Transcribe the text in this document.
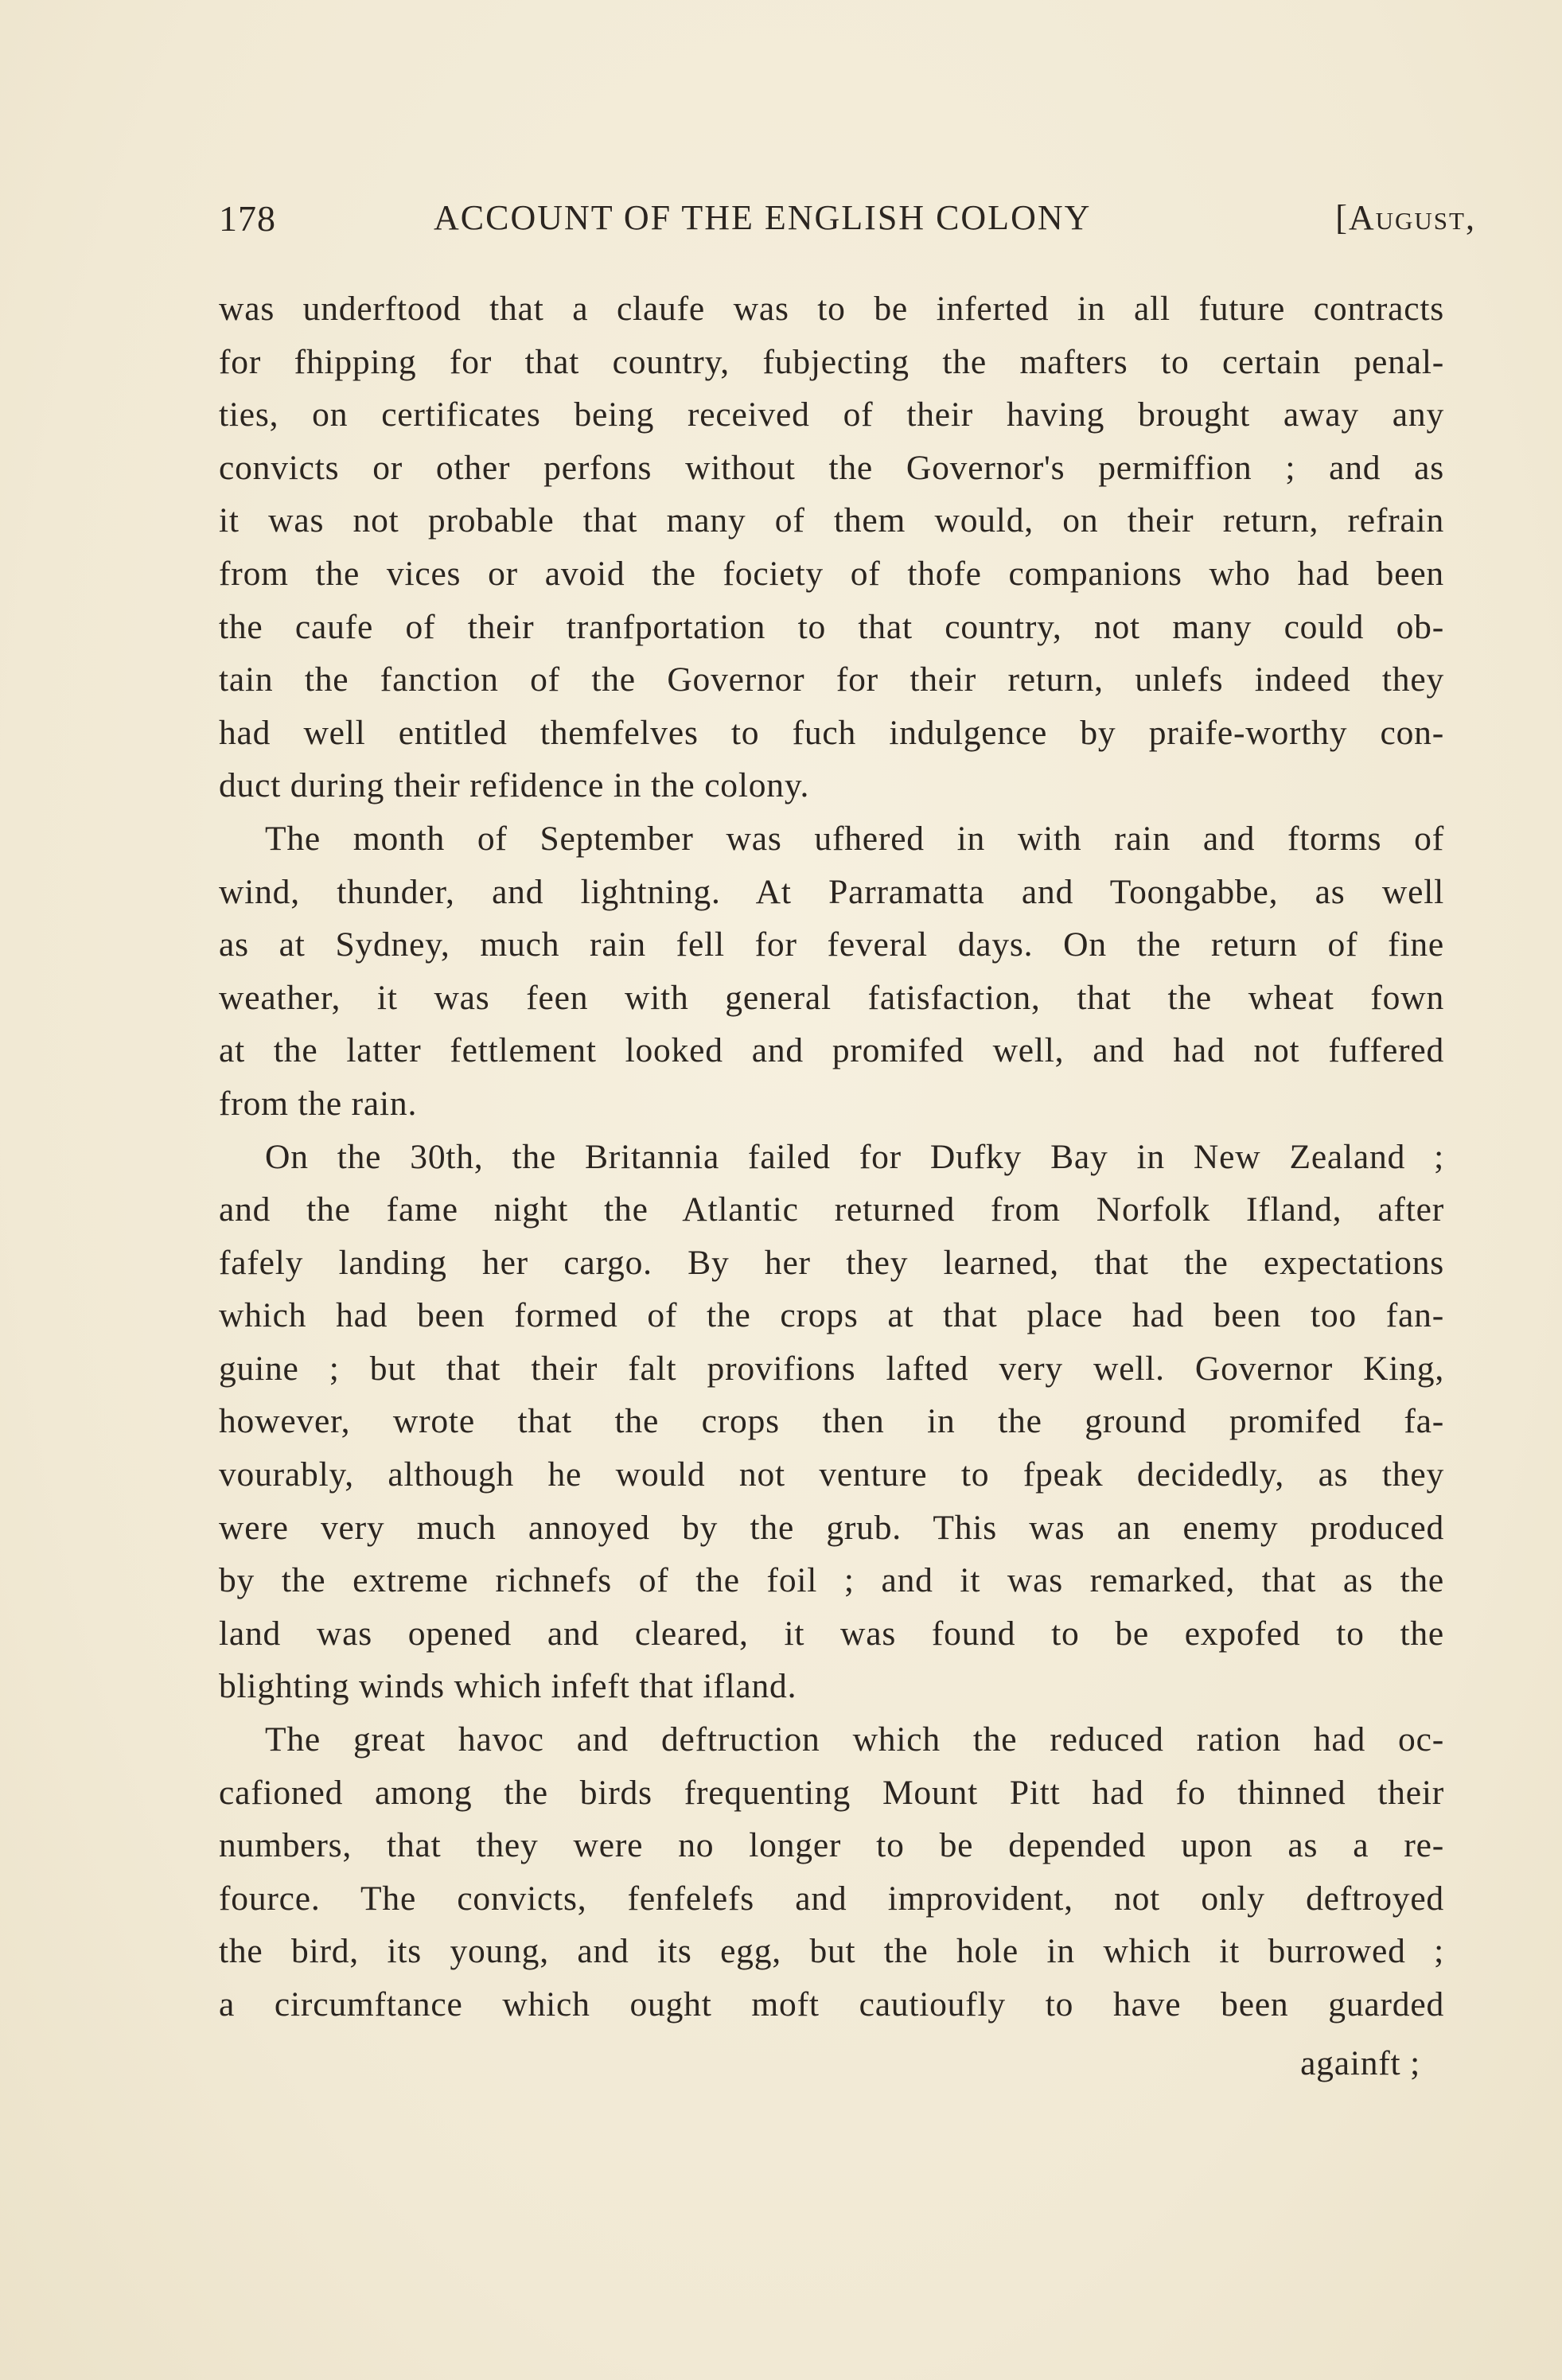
178	ACCOUNT OF THE ENGLISH COLONY	[August,

was underftood that a claufe was to be inferted in all future contracts
for fhipping for that country, fubjecting the mafters to certain penal-
ties, on certificates being received of their having brought away any
convicts or other perfons without the Governor's permiffion ; and as
it was not probable that many of them would, on their return, refrain
from the vices or avoid the fociety of thofe companions who had been
the caufe of their tranfportation to that country, not many could ob-
tain the fanction of the Governor for their return, unlefs indeed they
had well entitled themfelves to fuch indulgence by praife-worthy con-
duct during their refidence in the colony.

The month of September was ufhered in with rain and ftorms of
wind, thunder, and lightning. At Parramatta and Toongabbe, as well
as at Sydney, much rain fell for feveral days. On the return of fine
weather, it was feen with general fatisfaction, that the wheat fown
at the latter fettlement looked and promifed well, and had not fuffered
from the rain.

On the 30th, the Britannia failed for Dufky Bay in New Zealand ;
and the fame night the Atlantic returned from Norfolk Ifland, after
fafely landing her cargo. By her they learned, that the expectations
which had been formed of the crops at that place had been too fan-
guine ; but that their falt provifions lafted very well. Governor King,
however, wrote that the crops then in the ground promifed fa-
vourably, although he would not venture to fpeak decidedly, as they
were very much annoyed by the grub. This was an enemy produced
by the extreme richnefs of the foil ; and it was remarked, that as the
land was opened and cleared, it was found to be expofed to the
blighting winds which infeft that ifland.

The great havoc and deftruction which the reduced ration had oc-
cafioned among the birds frequenting Mount Pitt had fo thinned their
numbers, that they were no longer to be depended upon as a re-
fource. The convicts, fenfelefs and improvident, not only deftroyed
the bird, its young, and its egg, but the hole in which it burrowed ;
a circumftance which ought moft cautioufly to have been guarded

againft ;
